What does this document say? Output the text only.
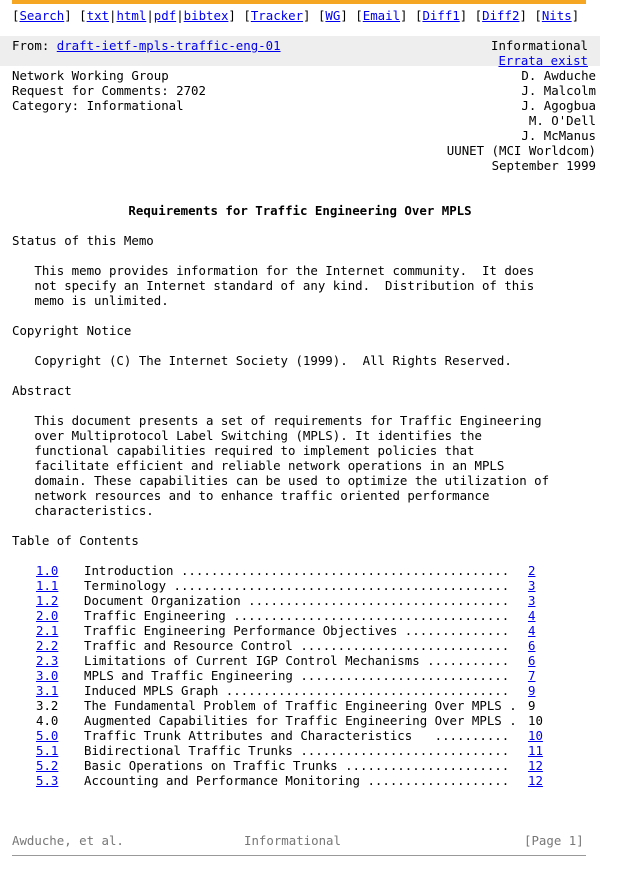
[Search] [txt|html|pdf|bibtex] [Tracker] [WG] [Email] [Diff1] [Diff2] [Nits]
From: draft-ietf-mpls-traffic-eng-01	Informational
Errata exist
Network Working Group
Request for Comments: 2702
Category: Informational
D. Awduche
J. Malcolm
J. Agogbua
M. O'Dell
J. McManus
UUNET (MCI Worldcom)
September 1999
Requirements for Traffic Engineering Over MPLS
Status of this Memo
This memo provides information for the Internet community.  It does
not specify an Internet standard of any kind.  Distribution of this
memo is unlimited.
Copyright Notice
Copyright (C) The Internet Society (1999).  All Rights Reserved.
Abstract
This document presents a set of requirements for Traffic Engineering
over Multiprotocol Label Switching (MPLS). It identifies the
functional capabilities required to implement policies that
facilitate efficient and reliable network operations in an MPLS
domain. These capabilities can be used to optimize the utilization of
network resources and to enhance traffic oriented performance
characteristics.
Table of Contents
1.0 Introduction ............................................ 2
1.1 Terminology ............................................. 3
1.2 Document Organization ................................... 3
2.0 Traffic Engineering ..................................... 4
2.1 Traffic Engineering Performance Objectives .............. 4
2.2 Traffic and Resource Control ............................ 6
2.3 Limitations of Current IGP Control Mechanisms ........... 6
3.0 MPLS and Traffic Engineering ............................ 7
3.1 Induced MPLS Graph ...................................... 9
3.2 The Fundamental Problem of Traffic Engineering Over MPLS . 9
4.0 Augmented Capabilities for Traffic Engineering Over MPLS . 10
5.0 Traffic Trunk Attributes and Characteristics   .......... 10
5.1 Bidirectional Traffic Trunks ............................ 11
5.2 Basic Operations on Traffic Trunks ...................... 12
5.3 Accounting and Performance Monitoring ................... 12
Awduche, et al.	Informational	[Page 1]
